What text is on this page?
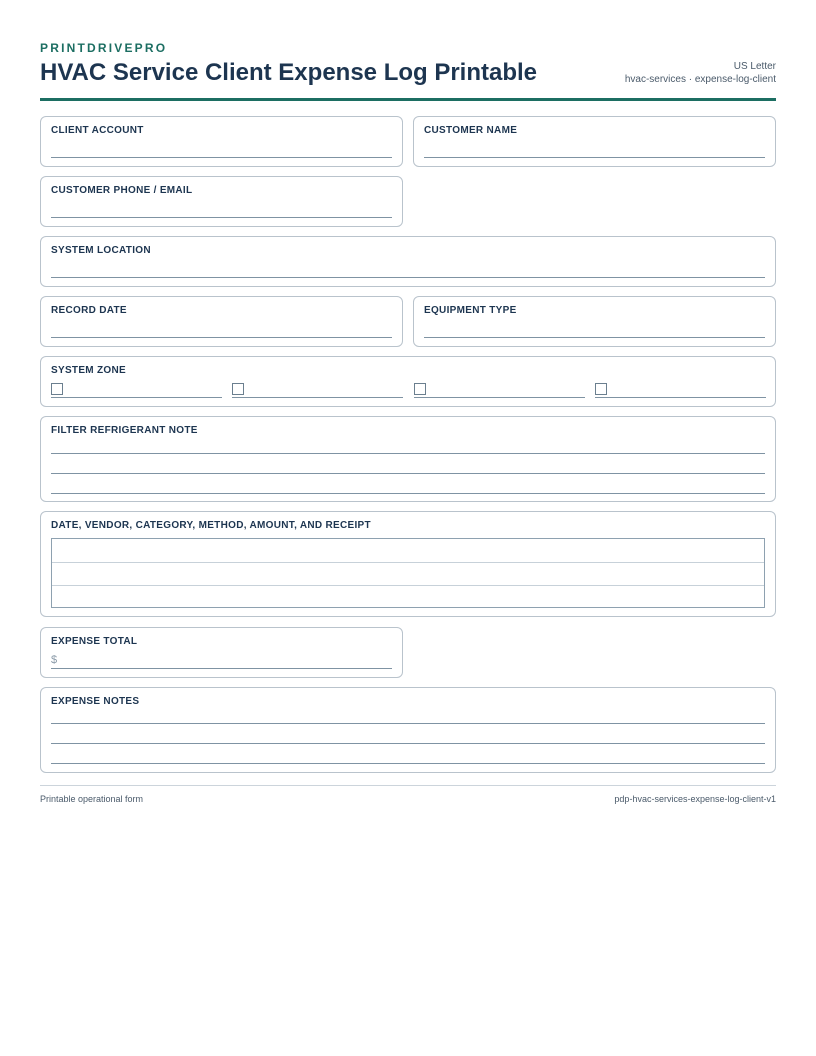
PRINTDRIVEPRO
HVAC Service Client Expense Log Printable	US Letter
hvac-services · expense-log-client
CLIENT ACCOUNT	CUSTOMER NAME
CUSTOMER PHONE / EMAIL
SYSTEM LOCATION
RECORD DATE	EQUIPMENT TYPE
SYSTEM ZONE
FILTER REFRIGERANT NOTE
DATE, VENDOR, CATEGORY, METHOD, AMOUNT, AND RECEIPT
EXPENSE TOTAL
$
EXPENSE NOTES
Printable operational form	pdp-hvac-services-expense-log-client-v1
